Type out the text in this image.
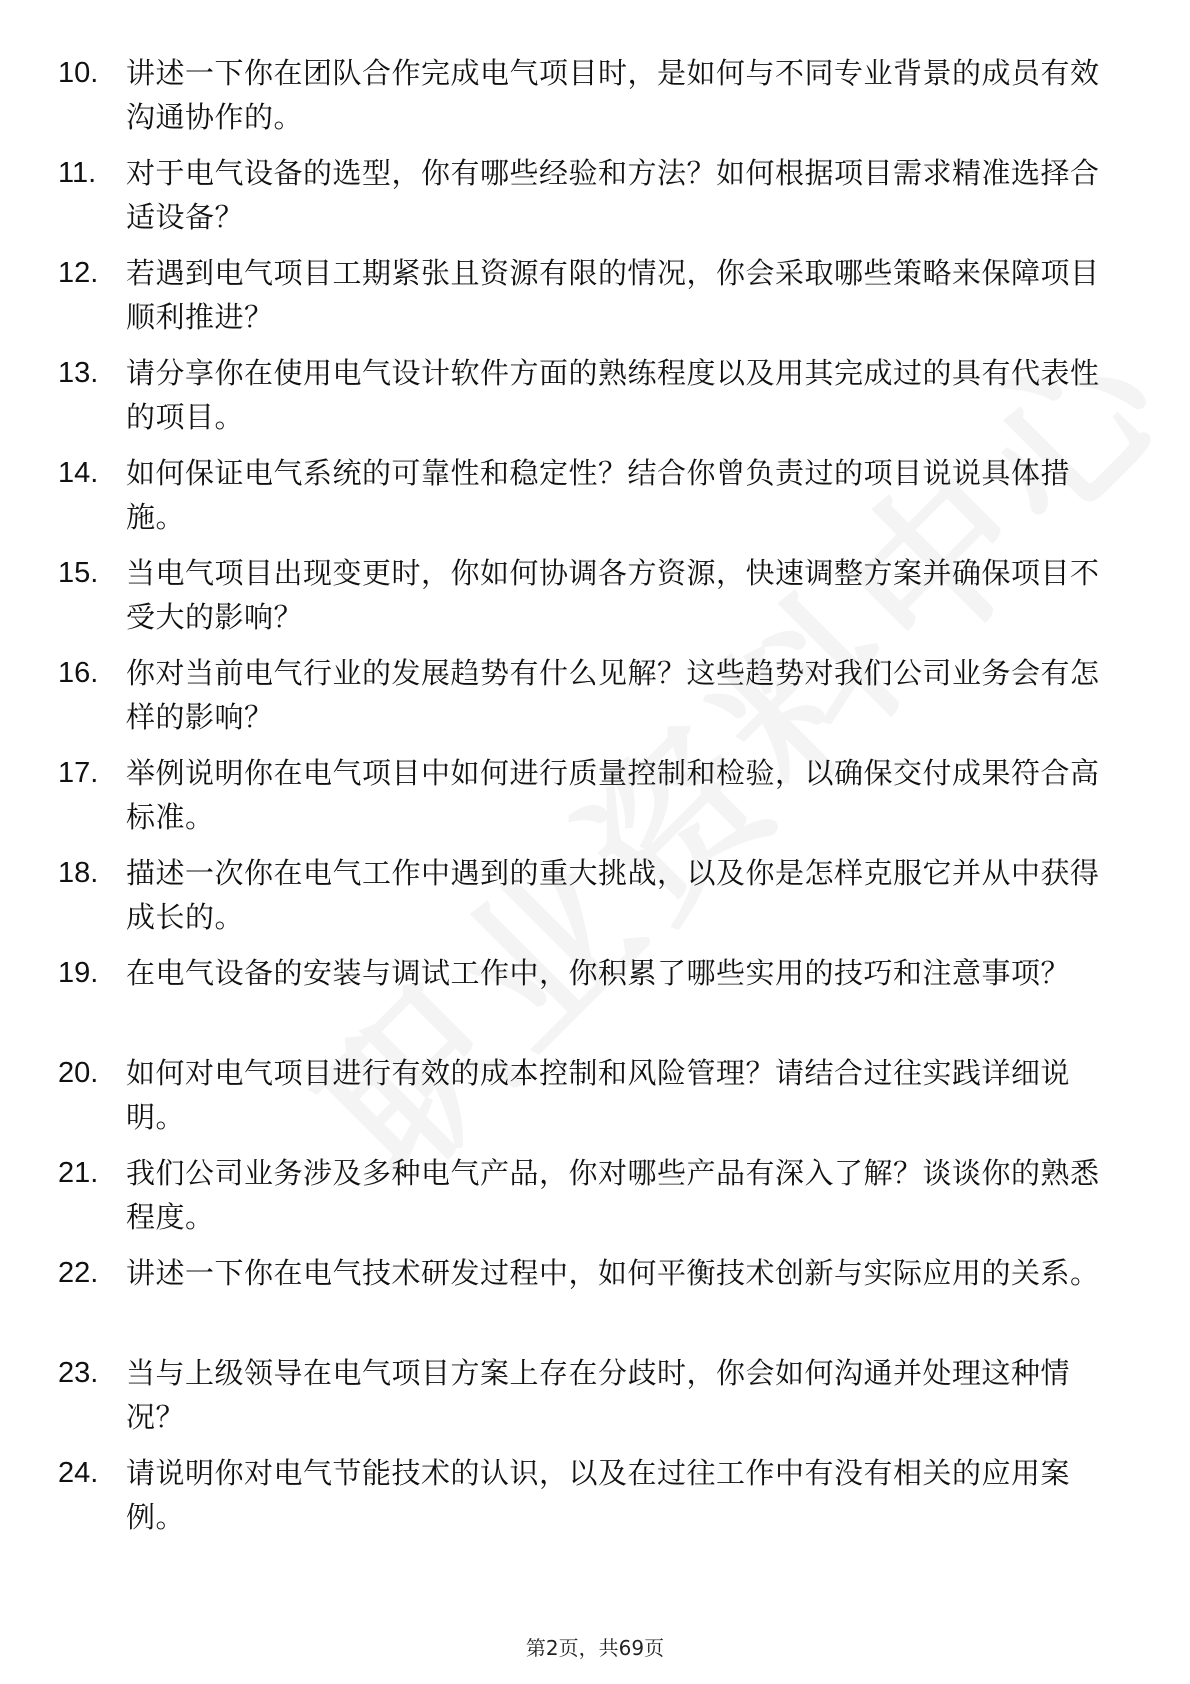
10. 讲述一下你在团队合作完成电气项目时，是如何与不同专业背景的成员有效沟通协作的。
11.	对于电气设备的选型，你有哪些经验和方法？如何根据项目需求精准选择合适设备？
12. 若遇到电气项目工期紧张且资源有限的情况，你会采取哪些策略来保障项目顺利推进？
13. 请分享你在使用电气设计软件方面的熟练程度以及用其完成过的具有代表性的项目。
14. 如何保证电气系统的可靠性和稳定性？结合你曾负责过的项目说说具体措施。
15. 当电气项目出现变更时，你如何协调各方资源，快速调整方案并确保项目不受大的影响？
16. 你对当前电气行业的发展趋势有什么见解？这些趋势对我们公司业务会有怎样的影响？
17. 举例说明你在电气项目中如何进行质量控制和检验，以确保交付成果符合高标准。
18. 描述一次你在电气工作中遇到的重大挑战，以及你是怎样克服它并从中获得成长的。
19. 在电气设备的安装与调试工作中，你积累了哪些实用的技巧和注意事项？
20. 如何对电气项目进行有效的成本控制和风险管理？请结合过往实践详细说明。
21. 我们公司业务涉及多种电气产品，你对哪些产品有深入了解？谈谈你的熟悉程度。
22. 讲述一下你在电气技术研发过程中，如何平衡技术创新与实际应用的关系。
23. 当与上级领导在电气项目方案上存在分歧时，你会如何沟通并处理这种情况？
24. 请说明你对电气节能技术的认识，以及在过往工作中有没有相关的应用案例。
第2页，共69页
